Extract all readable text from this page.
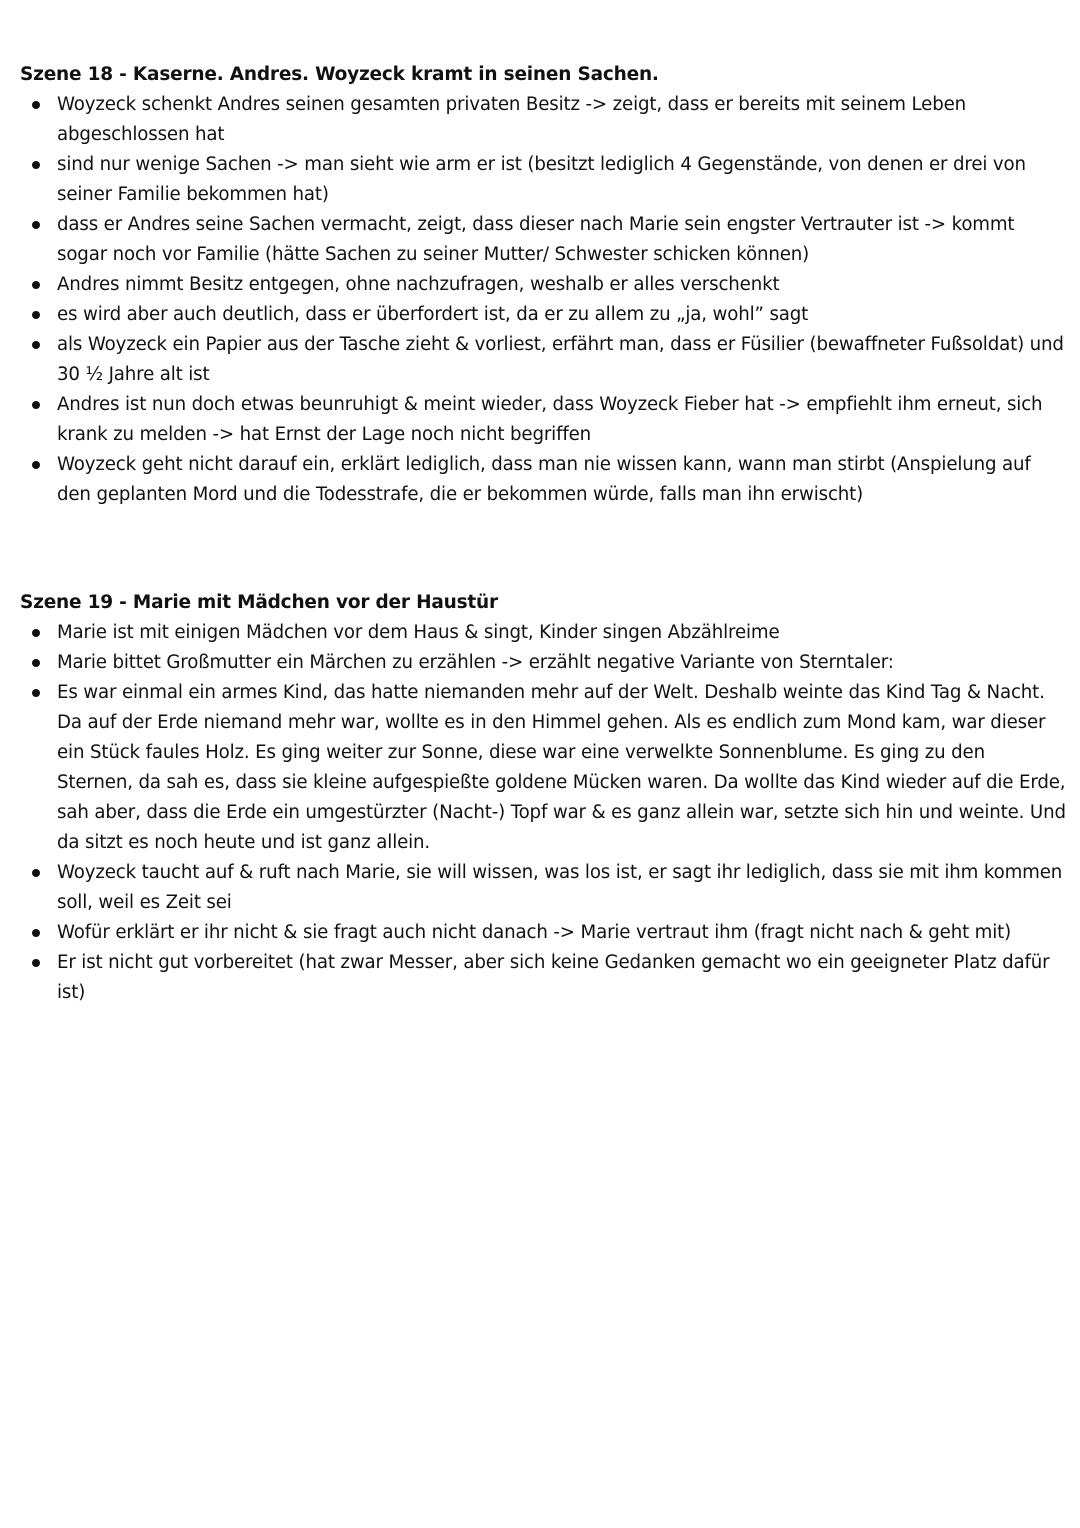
Szene 18 - Kaserne. Andres. Woyzeck kramt in seinen Sachen.
Woyzeck schenkt Andres seinen gesamten privaten Besitz -> zeigt, dass er bereits mit seinem Leben abgeschlossen hat
sind nur wenige Sachen -> man sieht wie arm er ist (besitzt lediglich 4 Gegenstände, von denen er drei von seiner Familie bekommen hat)
dass er Andres seine Sachen vermacht, zeigt, dass dieser nach Marie sein engster Vertrauter ist -> kommt sogar noch vor Familie (hätte Sachen zu seiner Mutter/ Schwester schicken können)
Andres nimmt Besitz entgegen, ohne nachzufragen, weshalb er alles verschenkt
es wird aber auch deutlich, dass er überfordert ist, da er zu allem zu „ja, wohl” sagt
als Woyzeck ein Papier aus der Tasche zieht & vorliest, erfährt man, dass er Füsilier (bewaffneter Fußsoldat) und 30 ½ Jahre alt ist
Andres ist nun doch etwas beunruhigt & meint wieder, dass Woyzeck Fieber hat -> empfiehlt ihm erneut, sich krank zu melden -> hat Ernst der Lage noch nicht begriffen
Woyzeck geht nicht darauf ein, erklärt lediglich, dass man nie wissen kann, wann man stirbt (Anspielung auf den geplanten Mord und die Todesstrafe, die er bekommen würde, falls man ihn erwischt)
Szene 19 - Marie mit Mädchen vor der Haustür
Marie ist mit einigen Mädchen vor dem Haus & singt, Kinder singen Abzählreime
Marie bittet Großmutter ein Märchen zu erzählen -> erzählt negative Variante von Sterntaler:
Es war einmal ein armes Kind, das hatte niemanden mehr auf der Welt. Deshalb weinte das Kind Tag & Nacht. Da auf der Erde niemand mehr war, wollte es in den Himmel gehen. Als es endlich zum Mond kam, war dieser ein Stück faules Holz. Es ging weiter zur Sonne, diese war eine verwelkte Sonnenblume. Es ging zu den Sternen, da sah es, dass sie kleine aufgespießte goldene Mücken waren. Da wollte das Kind wieder auf die Erde, sah aber, dass die Erde ein umgestürzter (Nacht-) Topf war & es ganz allein war, setzte sich hin und weinte. Und da sitzt es noch heute und ist ganz allein.
Woyzeck taucht auf & ruft nach Marie, sie will wissen, was los ist, er sagt ihr lediglich, dass sie mit ihm kommen soll, weil es Zeit sei
Wofür erklärt er ihr nicht & sie fragt auch nicht danach -> Marie vertraut ihm (fragt nicht nach & geht mit)
Er ist nicht gut vorbereitet (hat zwar Messer, aber sich keine Gedanken gemacht wo ein geeigneter Platz dafür ist)
